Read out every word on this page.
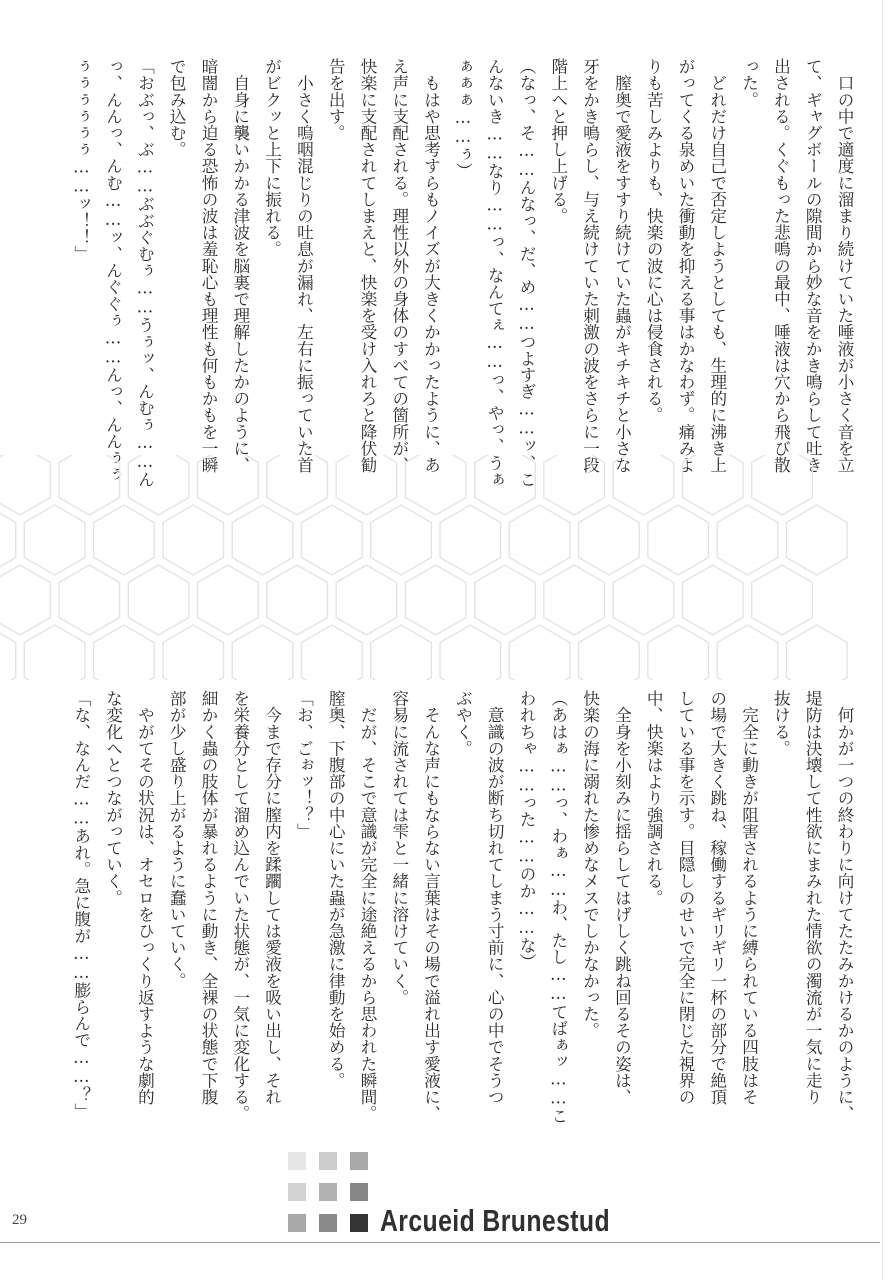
　口の中で適度に溜まり続けていた唾液が小さく音を立
て、ギャグボールの隙間から妙な音をかき鳴らして吐き
出される。くぐもった悲鳴の最中、唾液は穴から飛び散
った。
　どれだけ自己で否定しようとしても、生理的に沸き上
がってくる泉めいた衝動を抑える事はかなわず。痛みよ
りも苦しみよりも、快楽の波に心は侵食される。
　膣奥で愛液をすすり続けていた蟲がキチキチと小さな
牙をかき鳴らし、与え続けていた刺激の波をさらに一段
階上へと押し上げる。
（なっ、そ……んなっ、だ、め……つよすぎ……ッ、こ
んないき……なり……っ、なんてぇ……っ、やっ、うぁ
ぁぁぁ……ぅ）
　もはや思考すらもノイズが大きくかかったように、あ
え声に支配される。理性以外の身体のすべての箇所が、
快楽に支配されてしまえと、快楽を受け入れろと降伏勧
告を出す。
　小さく嗚咽混じりの吐息が漏れ、左右に振っていた首
がビクッと上下に振れる。
　自身に襲いかかる津波を脳裏で理解したかのように、
暗闇から迫る恐怖の波は羞恥心も理性も何もかもを一瞬
で包み込む。
「おぶっ、ぶ……ぶぶぐむぅ……うぅッ、んむぅ……ん
っ、んんっ、んむ……ッ、んぐぐぅ……んっ、んんぅぅ
ぅぅぅぅぅぅ……ッ！！」
　何かが一つの終わりに向けてたたみかけるかのように、
堤防は決壊して性欲にまみれた情欲の濁流が一気に走り
抜ける。
　完全に動きが阻害されるように縛られている四肢はそ
の場で大きく跳ね、稼働するギリギリ一杯の部分で絶頂
している事を示す。目隠しのせいで完全に閉じた視界の
中、快楽はより強調される。
　全身を小刻みに揺らしてはげしく跳ね回るその姿は、
快楽の海に溺れた惨めなメスでしかなかった。
（あはぁ……っ、わぁ……わ、たし……てばぁッ……こ
われちゃ……った……のか……な）
　意識の波が断ち切れてしまう寸前に、心の中でそうつ
ぶやく。
　そんな声にもならない言葉はその場で溢れ出す愛液に、
容易に流されては雫と一緒に溶けていく。
　だが、そこで意識が完全に途絶えるから思われた瞬間。
膣奥、下腹部の中心にいた蟲が急激に律動を始める。
「お、ごぉッ！？」
　今まで存分に膣内を蹂躙しては愛液を吸い出し、それ
を栄養分として溜め込んでいた状態が、一気に変化する。
細かく蟲の肢体が暴れるように動き、全裸の状態で下腹
部が少し盛り上がるように蠢いていく。
　やがてその状況は、オセロをひっくり返すような劇的
な変化へとつながっていく。
「な、なんだ……あれ。急に腹が……膨らんで……？」
29	Arcueid Brunestud
